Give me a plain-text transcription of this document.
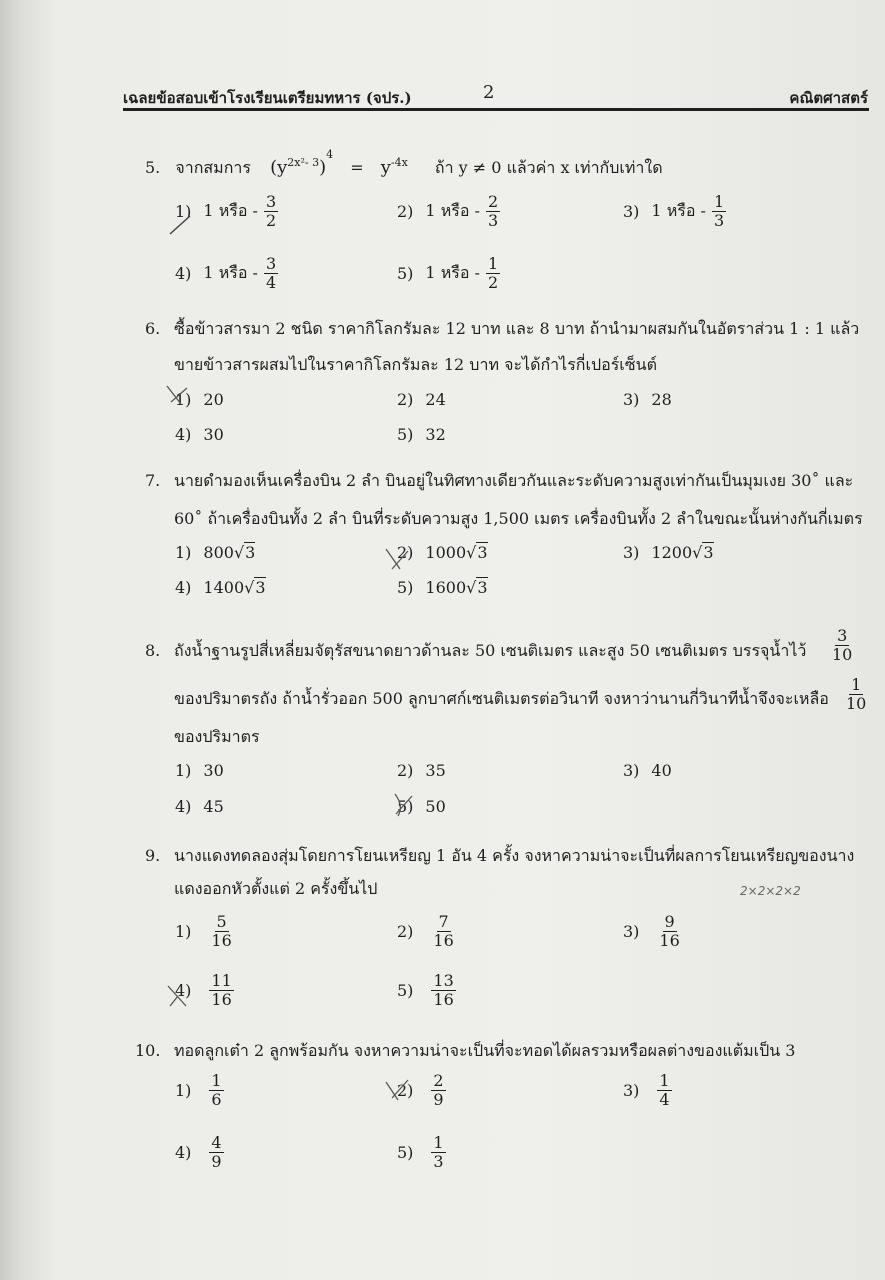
เฉลยข้อสอบเข้าโรงเรียนเตรียมทหาร (จปร.)	2	คณิตศาสตร์
5. จากสมการ $(y^{2x^2- 3})^4 = y^{-4x}$ ถ้า y ≠ 0 แล้วค่า x เท่ากับเท่าใด
1) 1 หรือ - $\frac{3}{2}$	2) 1 หรือ - $\frac{2}{3}$	3) 1 หรือ - $\frac{1}{3}$
4) 1 หรือ - $\frac{3}{4}$	5) 1 หรือ - $\frac{1}{2}$
6. ซื้อข้าวสารมา 2 ชนิด ราคากิโลกรัมละ 12 บาท และ 8 บาท ถ้านำมาผสมกันในอัตราส่วน 1 : 1 แล้ว
ขายข้าวสารผสมไปในราคากิโลกรัมละ 12 บาท จะได้กำไรกี่เปอร์เซ็นต์
1) 20	2) 24	3) 28
4) 30	5) 32
7. นายดำมองเห็นเครื่องบิน 2 ลำ บินอยู่ในทิศทางเดียวกันและระดับความสูงเท่ากันเป็นมุมเงย 30˚ และ
60˚ ถ้าเครื่องบินทั้ง 2 ลำ บินที่ระดับความสูง 1,500 เมตร เครื่องบินทั้ง 2 ลำในขณะนั้นห่างกันกี่เมตร
1) 800 √3	2) 1000 √3	3) 1200 √3
4) 1400 √3	5) 1600 √3
8. ถังน้ำฐานรูปสี่เหลี่ยมจัตุรัสขนาดยาวด้านละ 50 เซนติเมตร และสูง 50 เซนติเมตร บรรจุน้ำไว้ $\frac{3}{10}$
ของปริมาตรถัง ถ้าน้ำรั่วออก 500 ลูกบาศก์เซนติเมตรต่อวินาที จงหาว่านานกี่วินาทีน้ำจึงจะเหลือ $\frac{1}{10}$
ของปริมาตร
1) 30	2) 35	3) 40
4) 45	5) 50
9. นางแดงทดลองสุ่มโดยการโยนเหรียญ 1 อัน 4 ครั้ง จงหาความน่าจะเป็นที่ผลการโยนเหรียญของนาง
แดงออกหัวตั้งแต่ 2 ครั้งขึ้นไป	2×2×2×2
$1) \frac{5}{16}$	$2) \frac{7}{16}$	$3) \frac{9}{16}$
$4) \frac{11}{16}$	$5) \frac{13}{16}$
10. ทอดลูกเต๋า 2 ลูกพร้อมกัน จงหาความน่าจะเป็นที่จะทอดได้ผลรวมหรือผลต่างของแต้มเป็น 3
$1) \frac{1}{6}$	$2) \frac{2}{9}$	$3) \frac{1}{4}$
$4) \frac{4}{9}$	$5) \frac{1}{3}$
